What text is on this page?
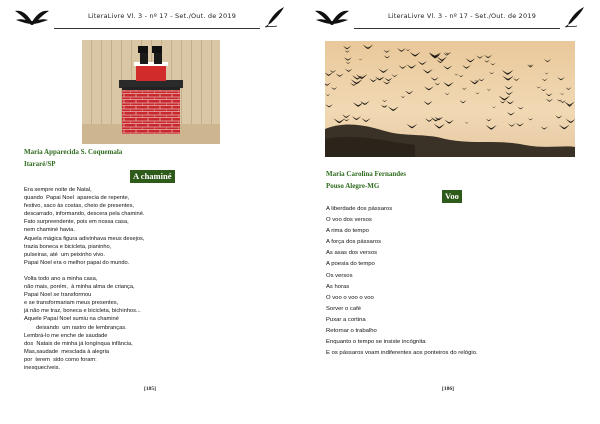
LiteraLivre Vl. 3 - nº 17 - Set./Out. de 2019
Maria Apparecida S. Coquemala
Itararé/SP
A chaminé
Era sempre noite de Natal,
quando  Papai Noel  aparecia de repente,
festivo, saco às costas, cheio de presentes,
descarrado, informando, descera pela chaminé.
Fato surpreendente, pois em nossa casa,
nem chaminé havia.
Aquela mágica figura adivinhava meus desejos,
trazia boneca e bicicleta, pianinho,
pulseiras, até  um peixinho vivo.
Papai Noel era o melhor papai do mundo.
Volta todo ano a minha casa,
não mais, porém,  à minha alma de criança,
Papai Noel se transformou
e se transformariam meus presentes,
já não me traz, boneca e bicicleta, bichinhos...
Aquele Papai Noel sumiu na chaminé
deixando  um rastro de lembranças.
Lembrá-lo me enche de saudade
dos  Natais de minha já longínqua infância,
Mas,saudade  mesclada à alegria
por  terem  sido como foram:
inesquecíveis.
[185]
LiteraLivre Vl. 3 - nº 17 - Set./Out. de 2019
Maria Carolina Fernandes
Pouso Alegre-MG
Voo
A liberdade dos pássaros
O voo dos versos
A rima do tempo
A força dos pássaros
As asas dos versos
A poesia do tempo
Os versos
As horas
O voo o voo o voo
Sorver o café
Puxar a cortina
Retornar o trabalho
Enquanto o tempo se insiste incógnita
E os pássaros voam indiferentes aos ponteiros do relógio.
[186]
